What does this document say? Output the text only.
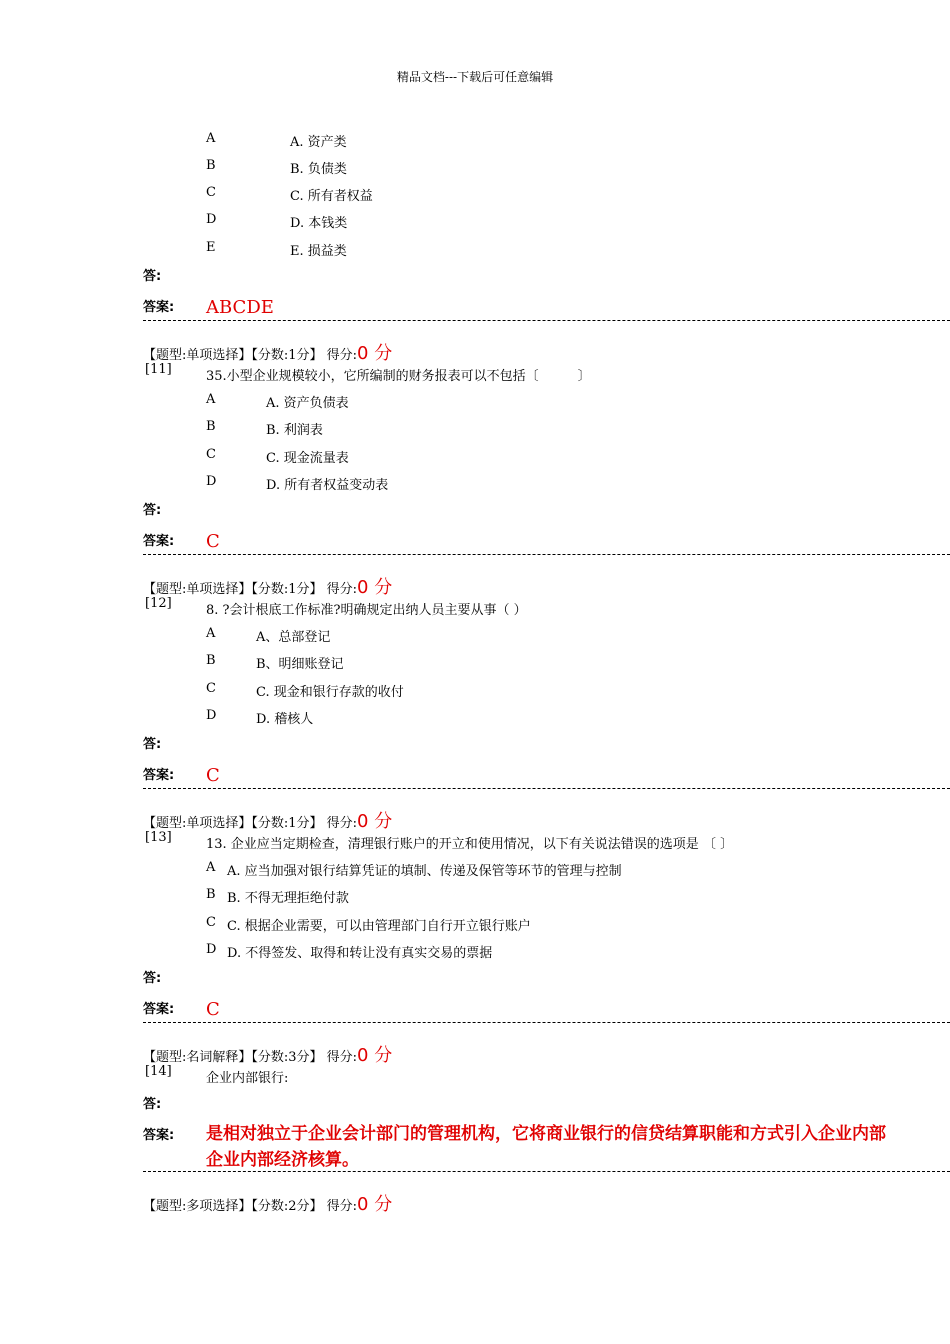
精品文档---下载后可任意编辑
A	A. 资产类
B	B. 负债类
C	C. 所有者权益
D	D. 本钱类
E	E. 损益类
答:
答案: ABCDE
【题型:单项选择】【分数:1分】 得分:0 分
[11]	35.小型企业规模较小，它所编制的财务报表可以不包括〔　　　〕
A	A. 资产负债表
B	B. 利润表
C	C. 现金流量表
D	D. 所有者权益变动表
答:
答案: C
【题型:单项选择】【分数:1分】 得分:0 分
[12]	8. ?会计根底工作标准?明确规定出纳人员主要从事（ ）
A	A、总部登记
B	B、明细账登记
C	C. 现金和银行存款的收付
D	D. 稽核人
答:
答案: C
【题型:单项选择】【分数:1分】 得分:0 分
[13]	13. 企业应当定期检查，清理银行账户的开立和使用情况，以下有关说法错误的选项是 〔 〕
A A. 应当加强对银行结算凭证的填制、传递及保管等环节的管理与控制
B B. 不得无理拒绝付款
C C. 根据企业需要，可以由管理部门自行开立银行账户
D D. 不得签发、取得和转让没有真实交易的票据
答:
答案: C
【题型:名词解释】【分数:3分】 得分:0 分
[14]	企业内部银行:
答:
答案: 是相对独立于企业会计部门的管理机构，它将商业银行的信贷结算职能和方式引入企业内部
企业内部经济核算。
【题型:多项选择】【分数:2分】 得分:0 分
